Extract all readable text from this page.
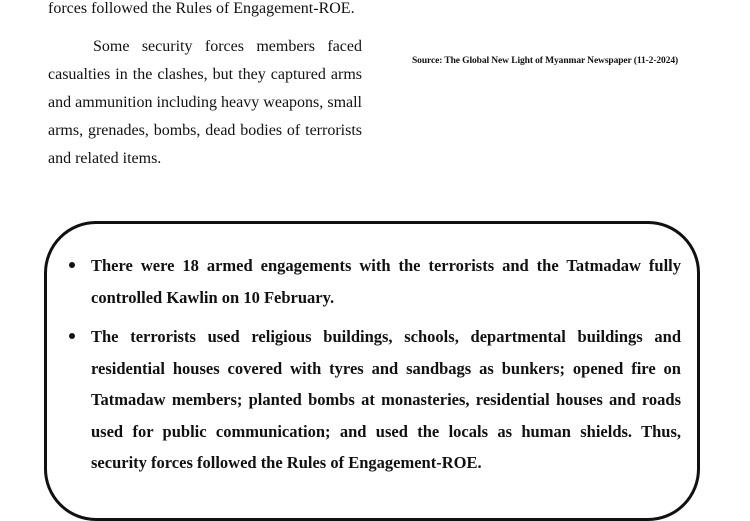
forces followed the Rules of Engagement-ROE.

Some security forces members faced casualties in the clashes, but they captured arms and ammunition including heavy weapons, small arms, grenades, bombs, dead bodies of terrorists and related items.

Source: The Global New Light of Myanmar Newspaper (11-2-2024)
There were 18 armed engagements with the terrorists and the Tatmadaw fully controlled Kawlin on 10 February.
The terrorists used religious buildings, schools, departmental buildings and residential houses covered with tyres and sandbags as bunkers; opened fire on Tatmadaw members; planted bombs at monasteries, residential houses and roads used for public communication; and used the locals as human shields. Thus, security forces followed the Rules of Engagement-ROE.
